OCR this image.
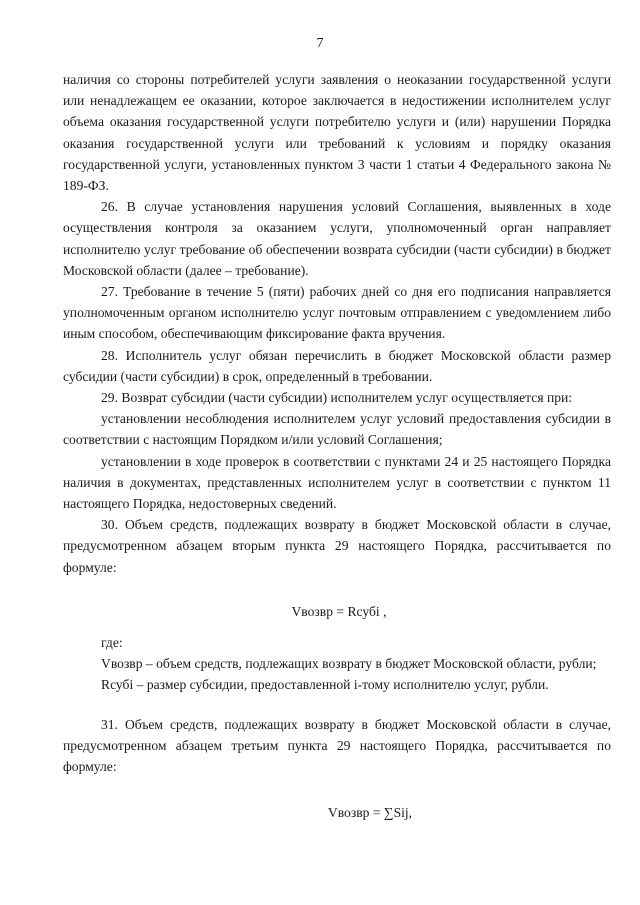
7

наличия со стороны потребителей услуги заявления о неоказании государственной услуги или ненадлежащем ее оказании, которое заключается в недостижении исполнителем услуг объема оказания государственной услуги потребителю услуги и (или) нарушении Порядка оказания государственной услуги или требований к условиям и порядку оказания государственной услуги, установленных пунктом 3 части 1 статьи 4 Федерального закона № 189-ФЗ.

26. В случае установления нарушения условий Соглашения, выявленных в ходе осуществления контроля за оказанием услуги, уполномоченный орган направляет исполнителю услуг требование об обеспечении возврата субсидии (части субсидии) в бюджет Московской области (далее – требование).

27. Требование в течение 5 (пяти) рабочих дней со дня его подписания направляется уполномоченным органом исполнителю услуг почтовым отправлением с уведомлением либо иным способом, обеспечивающим фиксирование факта вручения.

28. Исполнитель услуг обязан перечислить в бюджет Московской области размер субсидии (части субсидии) в срок, определенный в требовании.

29. Возврат субсидии (части субсидии) исполнителем услуг осуществляется при:

установлении несоблюдения исполнителем услуг условий предоставления субсидии в соответствии с настоящим Порядком и/или условий Соглашения;

установлении в ходе проверок в соответствии с пунктами 24 и 25 настоящего Порядка наличия в документах, представленных исполнителем услуг в соответствии с пунктом 11 настоящего Порядка, недостоверных сведений.

30. Объем средств, подлежащих возврату в бюджет Московской области в случае, предусмотренном абзацем вторым пункта 29 настоящего Порядка, рассчитывается по формуле:

Vвозвр = Rсубi ,

где:

Vвозвр – объем средств, подлежащих возврату в бюджет Московской области, рубли;

Rсубi – размер субсидии, предоставленной i-тому исполнителю услуг, рубли.

31. Объем средств, подлежащих возврату в бюджет Московской области в случае, предусмотренном абзацем третьим пункта 29 настоящего Порядка, рассчитывается по формуле:

Vвозвр = ∑Sij,
